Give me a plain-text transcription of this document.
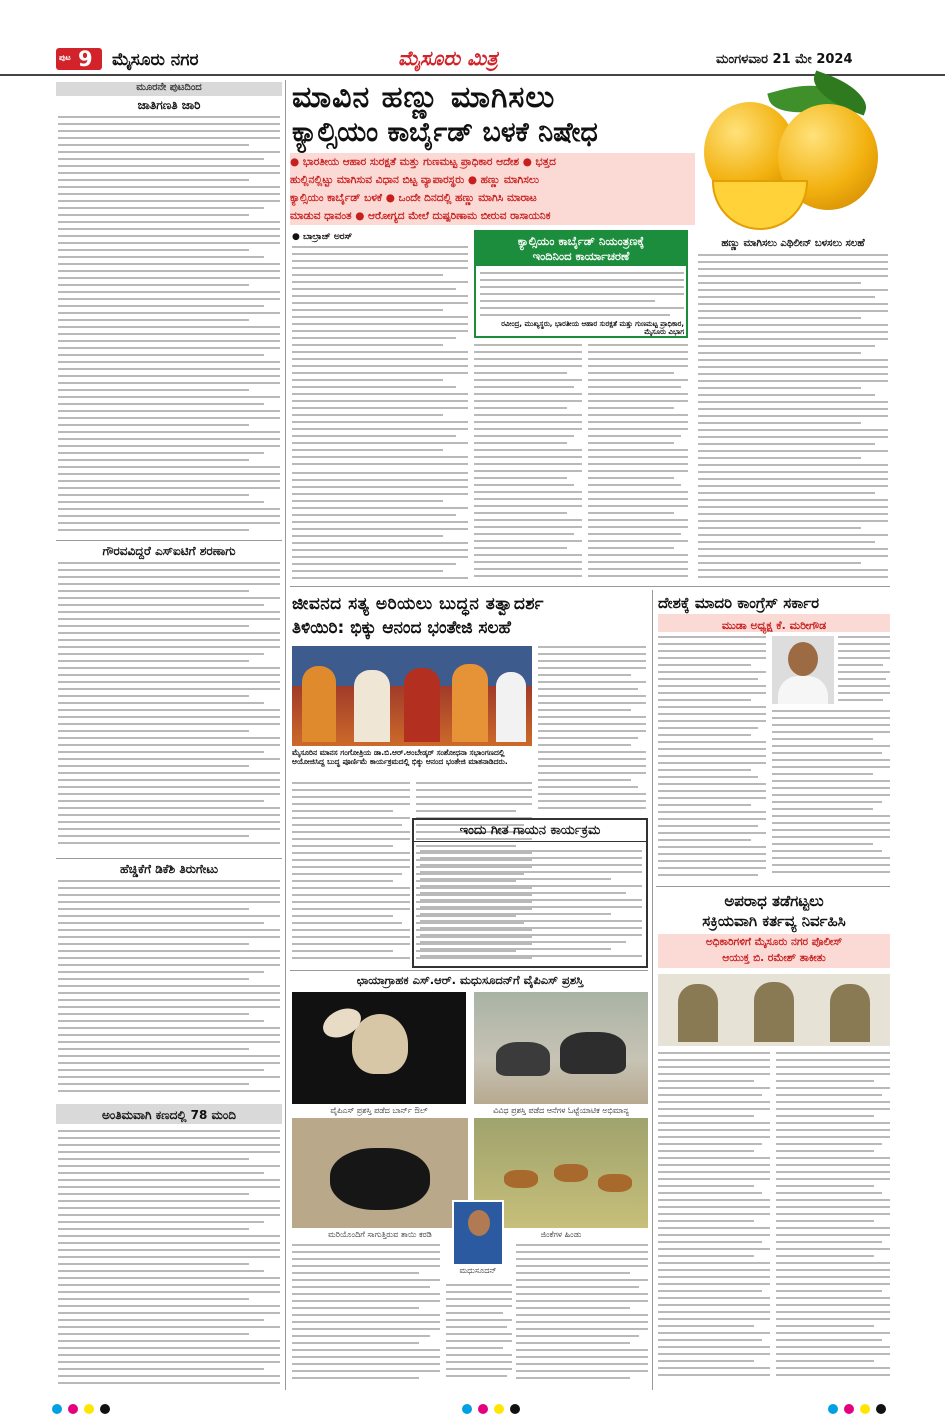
ಪುಟ 9 ಮೈಸೂರು ನಗರ	ಮೈಸೂರು ಮಿತ್ರ	ಮಂಗಳವಾರ 21 ಮೇ 2024
ಮೂರನೇ ಪುಟದಿಂದ
ಜಾತಿಗಣತಿ ಜಾರಿ
ಗೌರವವಿದ್ದರೆ ಎಸ್ಐಟಿಗೆ ಶರಣಾಗು
ಹೆಚ್ಡಿಕೆಗೆ ಡಿಕೆಶಿ ತಿರುಗೇಟು
ಅಂತಿಮವಾಗಿ ಕಣದಲ್ಲಿ 78 ಮಂದಿ
ಮಾವಿನ ಹಣ್ಣು ಮಾಗಿಸಲು
ಕ್ಯಾಲ್ಸಿಯಂ ಕಾರ್ಬೈಡ್ ಬಳಕೆ ನಿಷೇಧ
● ಭಾರತೀಯ ಆಹಾರ ಸುರಕ್ಷತೆ ಮತ್ತು ಗುಣಮಟ್ಟ ಪ್ರಾಧಿಕಾರ ಆದೇಶ ● ಭತ್ತದ
ಹುಲ್ಲಿನಲ್ಲಿಟ್ಟು ಮಾಗಿಸುವ ವಿಧಾನ ಬಿಟ್ಟ ವ್ಯಾಪಾರಸ್ಥರು ● ಹಣ್ಣು ಮಾಗಿಸಲು
ಕ್ಯಾಲ್ಸಿಯಂ ಕಾರ್ಬೈಡ್ ಬಳಕೆ ● ಒಂದೇ ದಿನದಲ್ಲಿ ಹಣ್ಣು ಮಾಗಿಸಿ ಮಾರಾಟ
ಮಾಡುವ ಧಾವಂತ ● ಆರೋಗ್ಯದ ಮೇಲೆ ದುಷ್ಪರಿಣಾಮ ಬೀರುವ ರಾಸಾಯನಿಕ
● ಬಾಲ್ರಾಜ್ ಅರಸ್	ಕ್ಯಾಲ್ಸಿಯಂ ಕಾರ್ಬೈಡ್ ನಿಯಂತ್ರಣಕ್ಕೆ
ಇಂದಿನಿಂದ ಕಾರ್ಯಾಚರಣೆ
ರವೀಂದ್ರ, ಮುಖ್ಯಸ್ಥರು, ಭಾರತೀಯ ಆಹಾರ ಸುರಕ್ಷತೆ ಮತ್ತು ಗುಣಮಟ್ಟ ಪ್ರಾಧಿಕಾರ, ಮೈಸೂರು ವಿಭಾಗ
ಹಣ್ಣು ಮಾಗಿಸಲು ಎಥಿಲೀನ್ ಬಳಸಲು ಸಲಹೆ
ಜೀವನದ ಸತ್ಯ ಅರಿಯಲು ಬುದ್ಧನ ತತ್ವಾದರ್ಶ
ತಿಳಿಯಿರಿ: ಭಿಕ್ಕು ಆನಂದ ಭಂತೇಜಿ ಸಲಹೆ
ಮೈಸೂರಿನ ಮಾನಸ ಗಂಗೋತ್ರಿಯ ಡಾ.ಬಿ.ಆರ್.ಅಂಬೇಡ್ಕರ್ ಸಂಶೋಧನಾ ಸಭಾಂಗಣದಲ್ಲಿ ಆಯೋಜಿಸಿದ್ದ ಬುದ್ಧ ಪೂರ್ಣಿಮೆ ಕಾರ್ಯಕ್ರಮದಲ್ಲಿ ಭಿಕ್ಕು ಆನಂದ ಭಂತೇಜಿ ಮಾತನಾಡಿದರು.
ಇಂದು ಗೀತ ಗಾಯನ ಕಾರ್ಯಕ್ರಮ
ಛಾಯಾಗ್ರಾಹಕ ಎಸ್.ಆರ್. ಮಧುಸೂದನ್‌ಗೆ ವೈಪಿಎಸ್ ಪ್ರಶಸ್ತಿ
ವೈಪಿಎಸ್ ಪ್ರಶಸ್ತಿ ಪಡೆದ ಬಾರ್ನ್ ಔಲ್	ವಿವಿಧ ಪ್ರಶಸ್ತಿ ಪಡೆದ ಆನೆಗಳ ಓಟ್ಟೆಯಾಟಿಕ ಅಭಿಮಾನ್ಯ
ಮರಿಯೊಂದಿಗೆ ಸಾಗುತ್ತಿರುವ ತಾಯಿ ಕರಡಿ	ಜಿಂಕೆಗಳ ಹಿಂಡು
ಮಧುಸೂದನ್
ದೇಶಕ್ಕೆ ಮಾದರಿ ಕಾಂಗ್ರೆಸ್ ಸರ್ಕಾರ
ಮುಡಾ ಅಧ್ಯಕ್ಷ ಕೆ. ಮರೀಗೌಡ
ಅಪರಾಧ ತಡೆಗಟ್ಟಲು
ಸಕ್ರಿಯವಾಗಿ ಕರ್ತವ್ಯ ನಿರ್ವಹಿಸಿ
ಅಧಿಕಾರಿಗಳಿಗೆ ಮೈಸೂರು ನಗರ ಪೊಲೀಸ್
ಆಯುಕ್ತ ಬಿ. ರಮೇಶ್ ತಾಕೀತು
